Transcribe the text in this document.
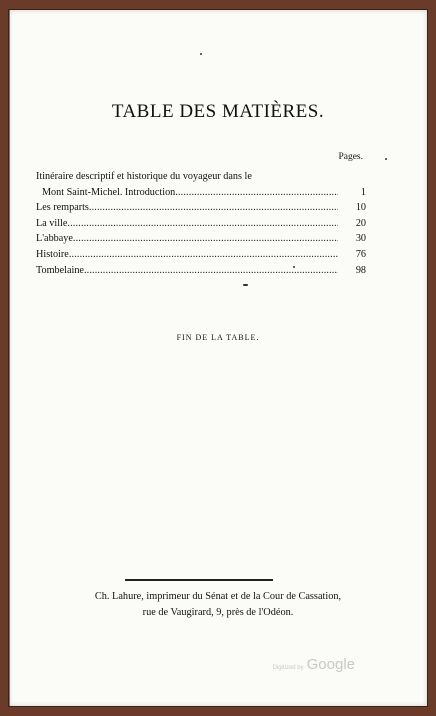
TABLE DES MATIÈRES.
Pages.
Itinéraire descriptif et historique du voyageur dans le
Mont Saint-Michel. Introduction . . .	1
Les remparts . . .	10
La ville . . .	20
L'abbaye . . .	30
Histoire . . .	76
Tombelaine . . .	98
FIN DE LA TABLE.
Ch. Lahure, imprimeur du Sénat et de la Cour de Cassation,
rue de Vaugirard, 9, près de l'Odéon.
Digitized by Google
